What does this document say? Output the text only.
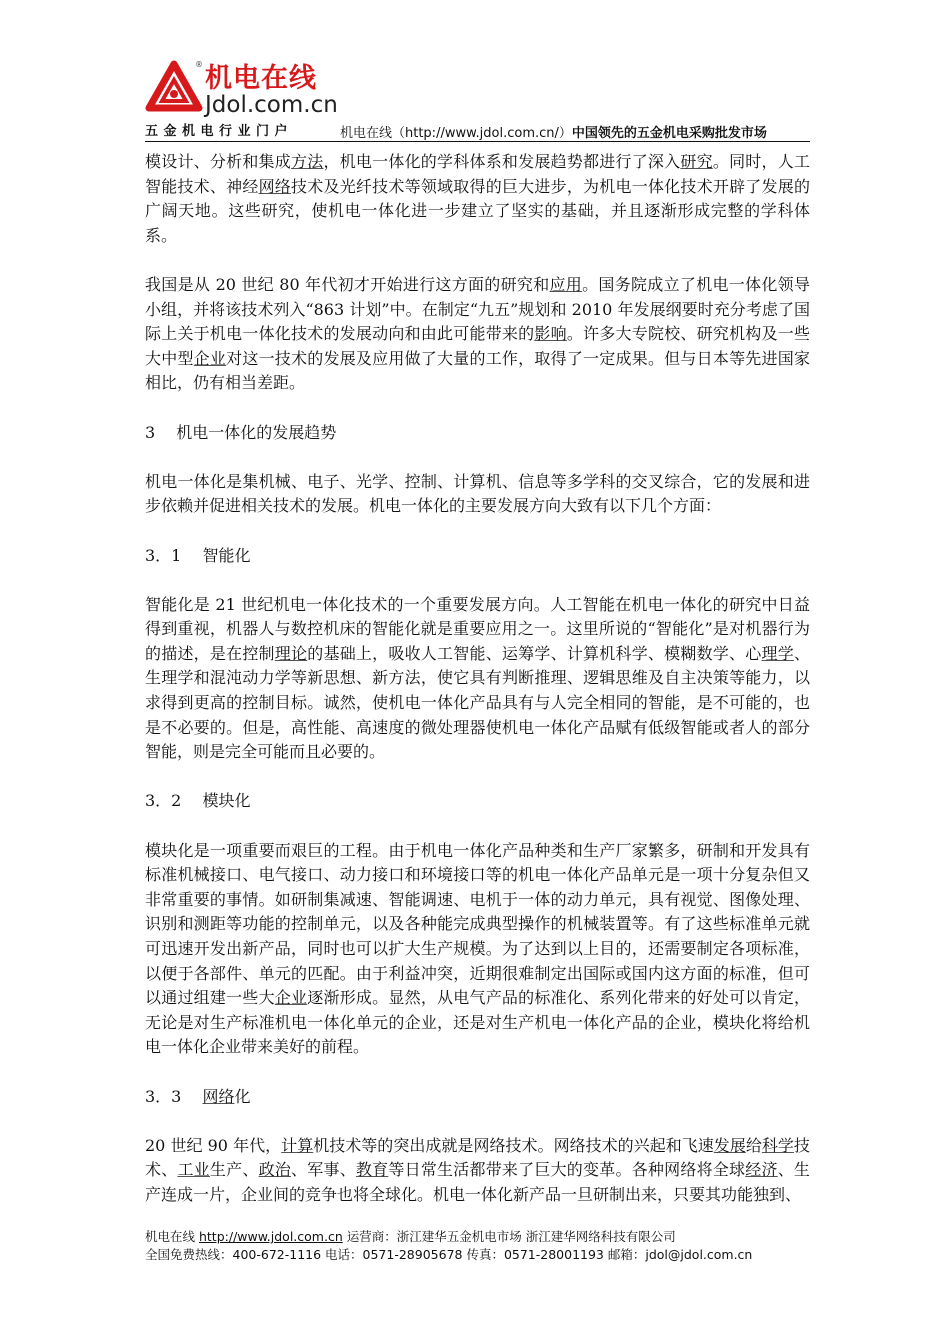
® 机电在线
Jdol.com.cn
五金机电行业门户	机电在线（http://www.jdol.com.cn/）中国领先的五金机电采购批发市场

模设计、分析和集成方法，机电一体化的学科体系和发展趋势都进行了深入研究。同时，人工智能技术、神经网络技术及光纤技术等领域取得的巨大进步，为机电一体化技术开辟了发展的广阔天地。这些研究，使机电一体化进一步建立了坚实的基础，并且逐渐形成完整的学科体系。

我国是从 20 世纪 80 年代初才开始进行这方面的研究和应用。国务院成立了机电一体化领导小组，并将该技术列入“863 计划”中。在制定“九五”规划和 2010 年发展纲要时充分考虑了国际上关于机电一体化技术的发展动向和由此可能带来的影响。许多大专院校、研究机构及一些大中型企业对这一技术的发展及应用做了大量的工作，取得了一定成果。但与日本等先进国家相比，仍有相当差距。

3　 机电一体化的发展趋势

机电一体化是集机械、电子、光学、控制、计算机、信息等多学科的交叉综合，它的发展和进步依赖并促进相关技术的发展。机电一体化的主要发展方向大致有以下几个方面：

3．1　 智能化

智能化是 21 世纪机电一体化技术的一个重要发展方向。人工智能在机电一体化的研究中日益得到重视，机器人与数控机床的智能化就是重要应用之一。这里所说的“智能化”是对机器行为的描述，是在控制理论的基础上，吸收人工智能、运筹学、计算机科学、模糊数学、心理学、生理学和混沌动力学等新思想、新方法，使它具有判断推理、逻辑思维及自主决策等能力，以求得到更高的控制目标。诚然，使机电一体化产品具有与人完全相同的智能，是不可能的，也是不必要的。但是，高性能、高速度的微处理器使机电一体化产品赋有低级智能或者人的部分智能，则是完全可能而且必要的。

3．2　 模块化

模块化是一项重要而艰巨的工程。由于机电一体化产品种类和生产厂家繁多，研制和开发具有标准机械接口、电气接口、动力接口和环境接口等的机电一体化产品单元是一项十分复杂但又非常重要的事情。如研制集减速、智能调速、电机于一体的动力单元，具有视觉、图像处理、识别和测距等功能的控制单元，以及各种能完成典型操作的机械装置等。有了这些标准单元就可迅速开发出新产品，同时也可以扩大生产规模。为了达到以上目的，还需要制定各项标准，以便于各部件、单元的匹配。由于利益冲突，近期很难制定出国际或国内这方面的标准，但可以通过组建一些大企业逐渐形成。显然，从电气产品的标准化、系列化带来的好处可以肯定，无论是对生产标准机电一体化单元的企业，还是对生产机电一体化产品的企业，模块化将给机电一体化企业带来美好的前程。

3．3　 网络化

20 世纪 90 年代，计算机技术等的突出成就是网络技术。网络技术的兴起和飞速发展给科学技术、工业生产、政治、军事、教育等日常生活都带来了巨大的变革。各种网络将全球经济、生产连成一片，企业间的竞争也将全球化。机电一体化新产品一旦研制出来，只要其功能独到、

机电在线 http://www.jdol.com.cn 运营商：浙江建华五金机电市场 浙江建华网络科技有限公司
全国免费热线：400-672-1116 电话：0571-28905678 传真：0571-28001193 邮箱：jdol@jdol.com.cn
